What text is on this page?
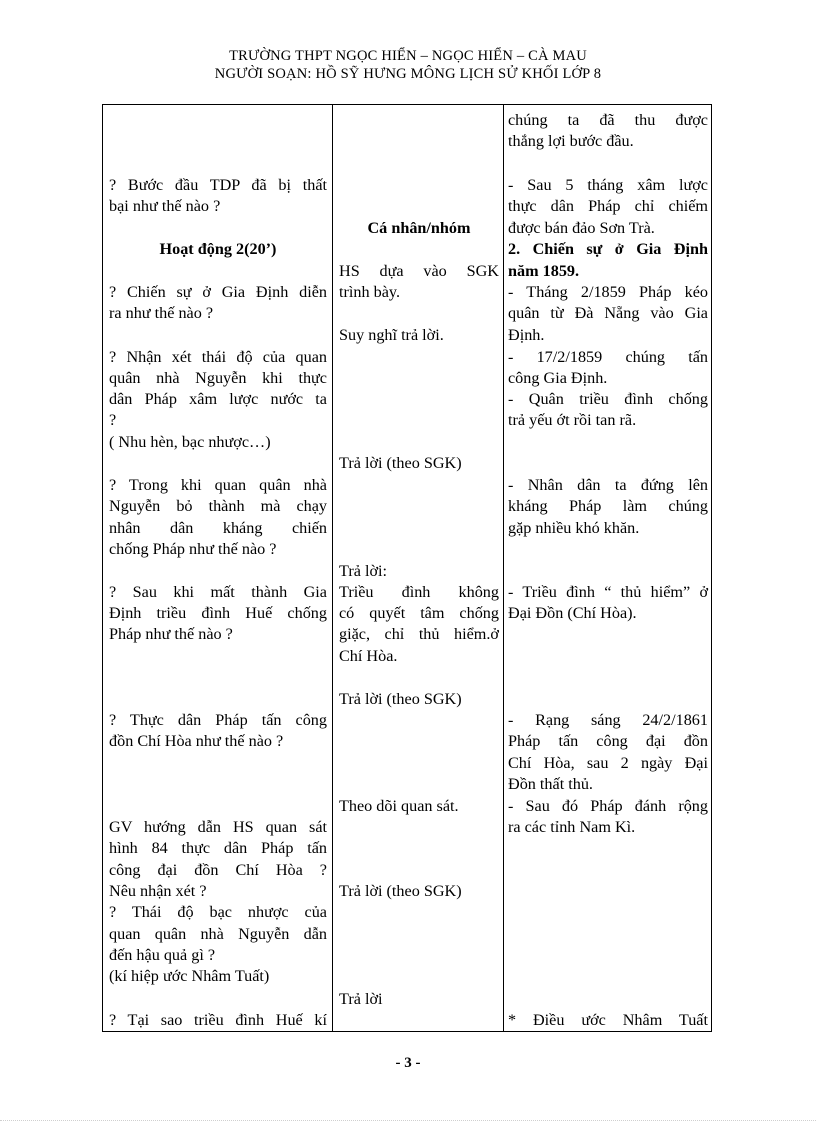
TRƯỜNG THPT NGỌC HIỂN – NGỌC HIỂN – CÀ MAU
NGƯỜI SOẠN: HỒ SỸ HƯNG MÔNG LỊCH SỬ KHỐI LỚP 8
? Bước đầu TDP đã bị thất
bại như thế nào ?
Hoạt động 2(20’)
? Chiến sự ở Gia Định diễn
ra như thế nào ?
? Nhận xét thái độ của quan
quân nhà Nguyễn khi thực
dân Pháp xâm lược nước ta
?
( Nhu hèn, bạc nhược…)
? Trong khi quan quân nhà
Nguyễn bỏ thành mà chạy
nhân dân kháng chiến
chống Pháp như thế nào ?
? Sau khi mất thành Gia
Định triều đình Huế chống
Pháp như thế nào ?
? Thực dân Pháp tấn công
đồn Chí Hòa như thế nào ?
GV hướng dẫn HS quan sát
hình 84 thực dân Pháp tấn
công đại đồn Chí Hòa ?
Nêu nhận xét ?
? Thái độ bạc nhược của
quan quân nhà Nguyễn dẫn
đến hậu quả gì ?
(kí hiệp ước Nhâm Tuất)
? Tại sao triều đình Huế kí
Cá nhân/nhóm
HS dựa vào SGK
trình bày.
Suy nghĩ trả lời.
Trả lời (theo SGK)
Trả lời:
Triều đình không
có quyết tâm chống
giặc, chỉ thủ hiểm.ở
Chí Hòa.
Trả lời (theo SGK)
Theo dõi quan sát.
Trả lời (theo SGK)
Trả lời
chúng ta đã thu được
thắng lợi bước đầu.
- Sau 5 tháng xâm lược
thực dân Pháp chỉ chiếm
được bán đảo Sơn Trà.
2. Chiến sự ở Gia Định
năm 1859.
- Tháng 2/1859 Pháp kéo
quân từ Đà Nẵng vào Gia
Định.
- 17/2/1859 chúng tấn
công Gia Định.
- Quân triều đình chống
trả yếu ớt rồi tan rã.
- Nhân dân ta đứng lên
kháng Pháp làm chúng
gặp nhiều khó khăn.
- Triều đình “ thủ hiểm” ở
Đại Đồn (Chí Hòa).
- Rạng sáng 24/2/1861
Pháp tấn công đại đồn
Chí Hòa, sau 2 ngày Đại
Đồn thất thủ.
- Sau đó Pháp đánh rộng
ra các tỉnh Nam Kì.
* Điều ước Nhâm Tuất
- 3 -
